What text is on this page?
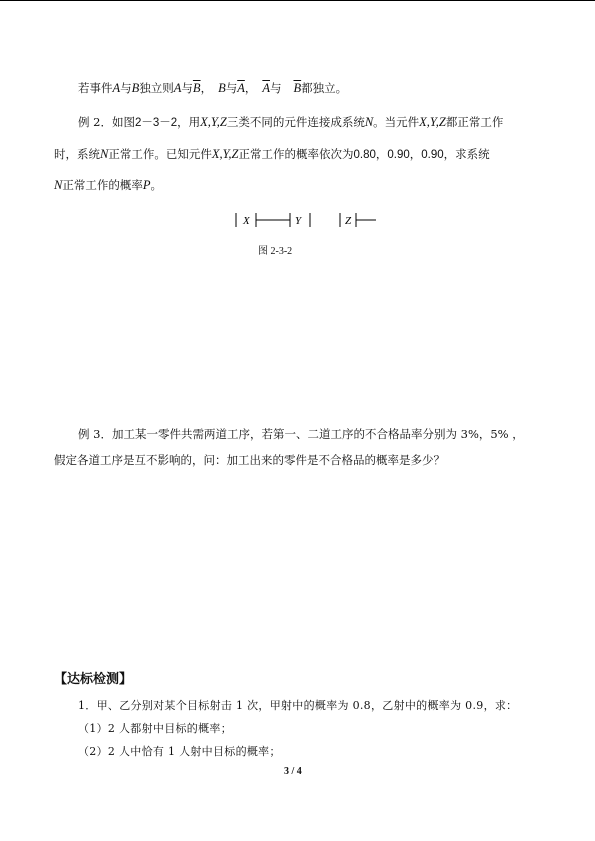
若事件A与B独立则A与$\overline{B}$， B与$\overline{A}$， $\overline{A}$与 $\overline{B}$都独立。
例 2．如图2－3－2，用X,Y,Z三类不同的元件连接成系统N。当元件X,Y,Z都正常工作
时，系统N正常工作。已知元件X,Y,Z正常工作的概率依次为0.80，0.90，0.90，求系统
N正常工作的概率P。
X	Y	Z
图 2-3-2
例 3．加工某一零件共需两道工序，若第一、二道工序的不合格品率分别为 3%，5% ，
假定各道工序是互不影响的，问：加工出来的零件是不合格品的概率是多少？
【达标检测】
1．甲、乙分别对某个目标射击 1 次，甲射中的概率为 0.8，乙射中的概率为 0.9，求：
（1）2 人都射中目标的概率；
（2）2 人中恰有 1 人射中目标的概率；
3 / 4
